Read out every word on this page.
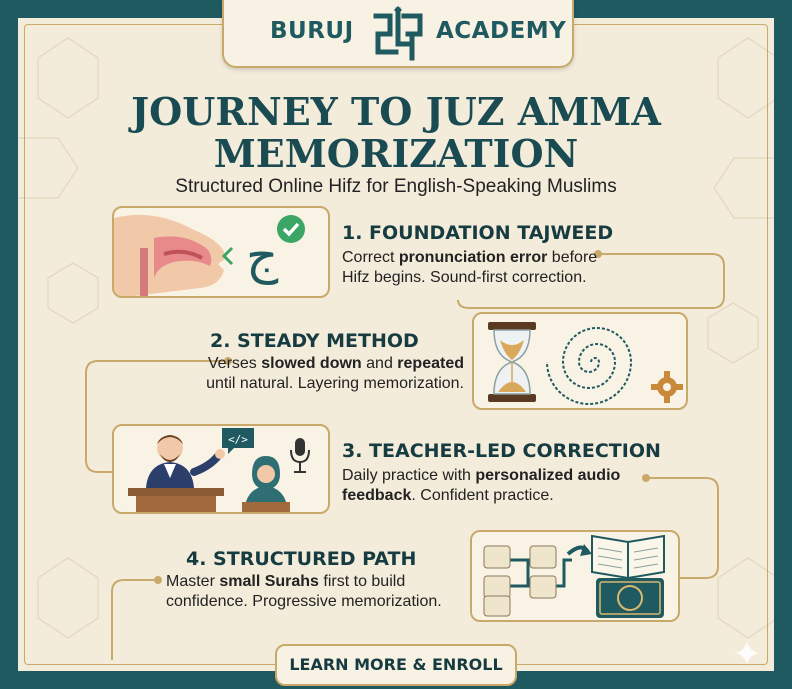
BURUJ	ACADEMY
JOURNEY TO JUZ AMMA
MEMORIZATION
Structured Online Hifz for English-Speaking Muslims
ج	1. FOUNDATION TAJWEED
Correct pronunciation error before
Hifz begins. Sound-first correction.
2. STEADY METHOD
Verses slowed down and repeated
until natural. Layering memorization.
</>
3. TEACHER-LED CORRECTION
Daily practice with personalized audio
feedback. Confident practice.
4. STRUCTURED PATH
Master small Surahs first to build
confidence. Progressive memorization.
LEARN MORE & ENROLL
